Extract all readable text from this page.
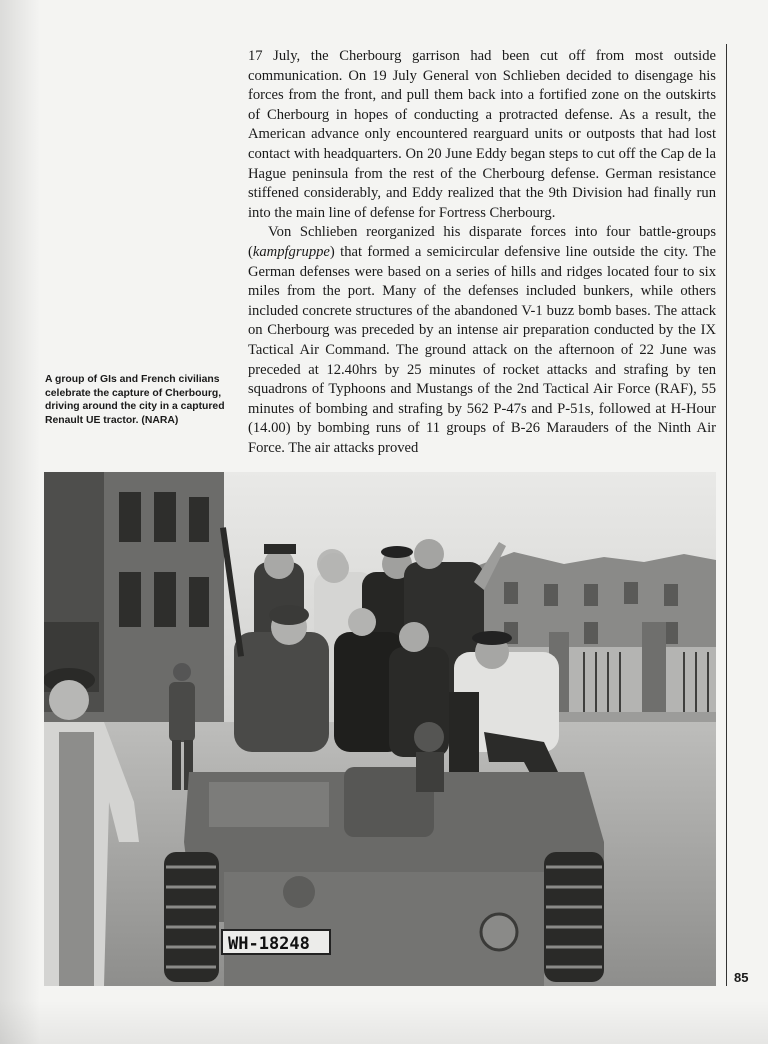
17 July, the Cherbourg garrison had been cut off from most outside communication. On 19 July General von Schlieben decided to disengage his forces from the front, and pull them back into a fortified zone on the outskirts of Cherbourg in hopes of conducting a protracted defense. As a result, the American advance only encountered rearguard units or outposts that had lost contact with headquarters. On 20 June Eddy began steps to cut off the Cap de la Hague peninsula from the rest of the Cherbourg defense. German resistance stiffened considerably, and Eddy realized that the 9th Division had finally run into the main line of defense for Fortress Cherbourg.

Von Schlieben reorganized his disparate forces into four battle-groups (kampfgruppe) that formed a semicircular defensive line outside the city. The German defenses were based on a series of hills and ridges located four to six miles from the port. Many of the defenses included bunkers, while others included concrete structures of the abandoned V-1 buzz bomb bases. The attack on Cherbourg was preceded by an intense air preparation conducted by the IX Tactical Air Command. The ground attack on the afternoon of 22 June was preceded at 12.40hrs by 25 minutes of rocket attacks and strafing by ten squadrons of Typhoons and Mustangs of the 2nd Tactical Air Force (RAF), 55 minutes of bombing and strafing by 562 P-47s and P-51s, followed at H-Hour (14.00) by bombing runs of 11 groups of B-26 Marauders of the Ninth Air Force. The air attacks proved

A group of GIs and French civilians celebrate the capture of Cherbourg, driving around the city in a captured Renault UE tractor. (NARA)
85
WH-18248
